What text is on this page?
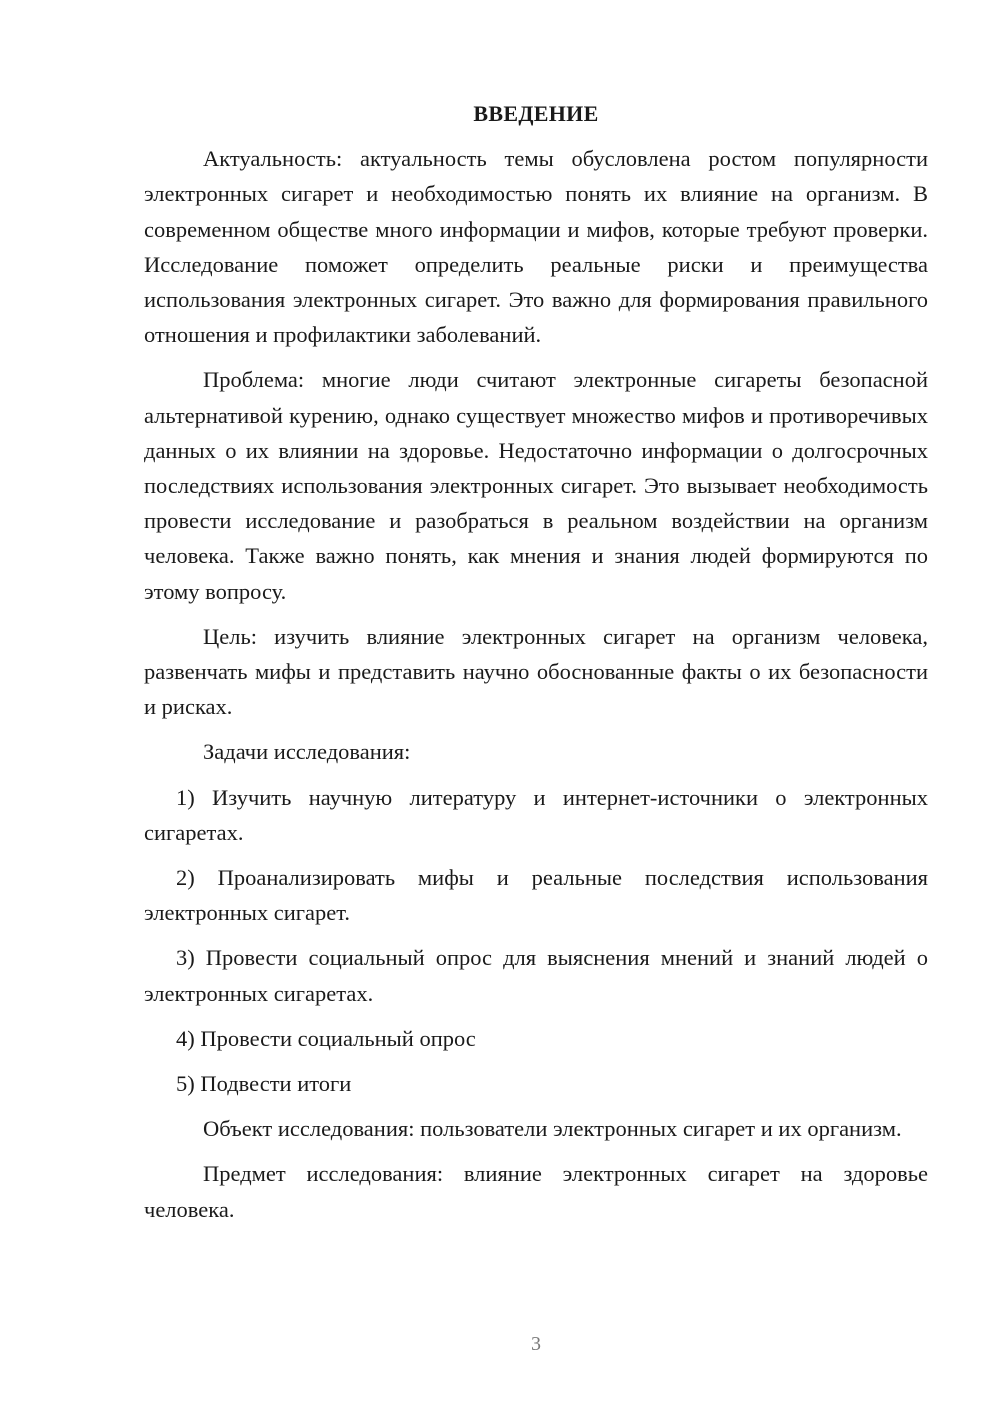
ВВЕДЕНИЕ

Актуальность: актуальность темы обусловлена ростом популярности электронных сигарет и необходимостью понять их влияние на организм. В современном обществе много информации и мифов, которые требуют проверки. Исследование поможет определить реальные риски и преимущества использования электронных сигарет. Это важно для формирования правильного отношения и профилактики заболеваний.

Проблема: многие люди считают электронные сигареты безопасной альтернативой курению, однако существует множество мифов и противоречивых данных о их влиянии на здоровье. Недостаточно информации о долгосрочных последствиях использования электронных сигарет. Это вызывает необходимость провести исследование и разобраться в реальном воздействии на организм человека. Также важно понять, как мнения и знания людей формируются по этому вопросу.

Цель: изучить влияние электронных сигарет на организм человека, развенчать мифы и представить научно обоснованные факты о их безопасности и рисках.

Задачи исследования:

1) Изучить научную литературу и интернет-источники о электронных сигаретах.

2) Проанализировать мифы и реальные последствия использования электронных сигарет.

3) Провести социальный опрос для выяснения мнений и знаний людей о электронных сигаретах.

4) Провести социальный опрос

5) Подвести итоги

Объект исследования: пользователи электронных сигарет и их организм.

Предмет исследования: влияние электронных сигарет на здоровье человека.

3
